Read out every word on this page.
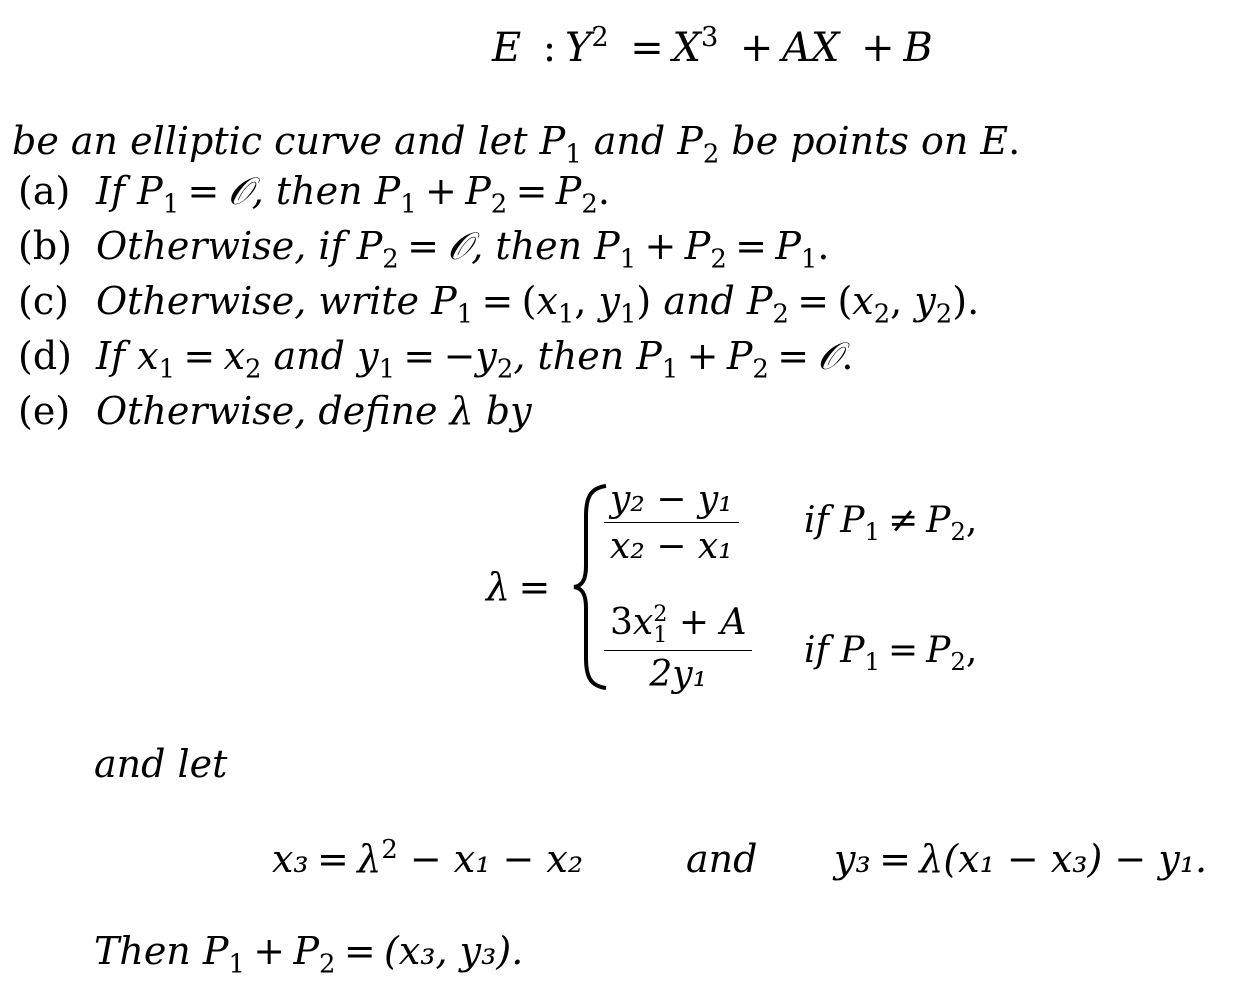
E : $Y^2 = X^3$ + AX + B
be an elliptic curve and let $P_1$ and $P_2$ be points on E.
(a) If $P_1$ = 𝒪, then $P_1 + P_2 = P_2$.
(b) Otherwise, if $P_2$ = 𝒪, then $P_1 + P_2 = P_1$.
(c) Otherwise, write $P_1 = (x_1$, $y_1$) and $P_2 = (x_2$, $y_2$).
(d) If $x_1 = x_2$ and $y_1 = -y_2$, then $P_1 + P_2$ = 𝒪.
(e) Otherwise, define λ by
λ =
$\frac{\text{y₂ − y₁}}{\text{x₂ − x₁}}$ if $P_1 \ne P_2$,
3x 2
1 + A
2y₁ if $P_1 = P_2$,
and let
$x_3 = \lambda^2 - x_1 - x_2$	and y₃ = λ(x₁ − x₃) − y₁.
Then $P_1 + P_2 = (x_3$, y₃).
